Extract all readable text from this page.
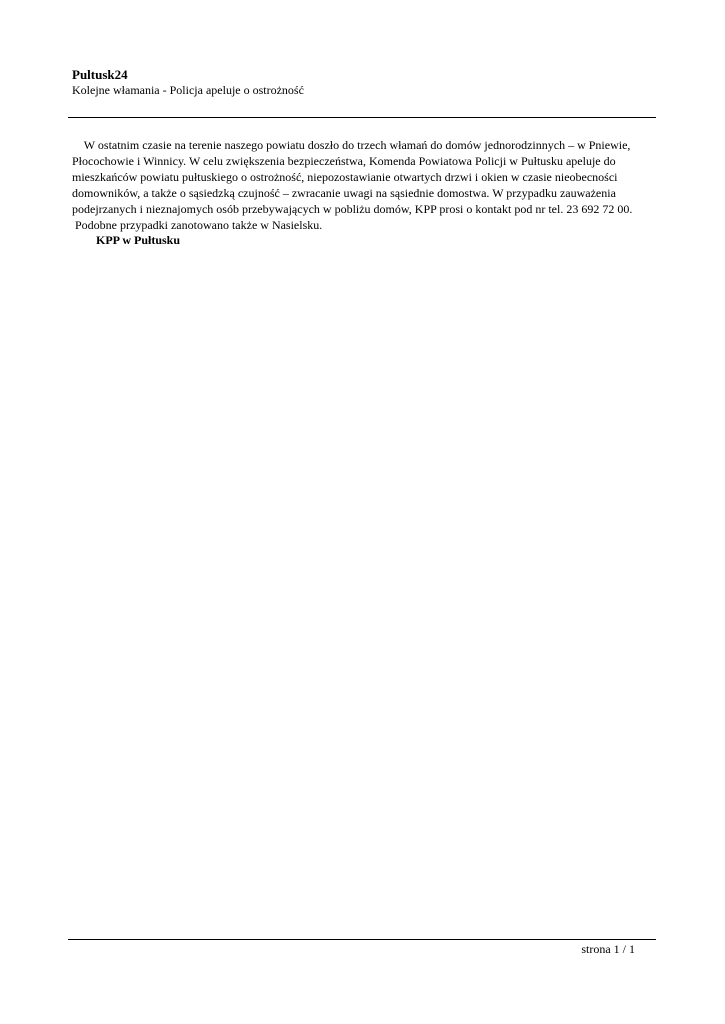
Pultusk24
Kolejne włamania - Policja apeluje o ostrożność
W ostatnim czasie na terenie naszego powiatu doszło do trzech włamań do domów jednorodzinnych – w Pniewie,
Płocochowie i Winnicy. W celu zwiększenia bezpieczeństwa, Komenda Powiatowa Policji w Pułtusku apeluje do
mieszkańców powiatu pułtuskiego o ostrożność, niepozostawianie otwartych drzwi i okien w czasie nieobecności
domowników, a także o sąsiedzką czujność – zwracanie uwagi na sąsiednie domostwa. W przypadku zauważenia
podejrzanych i nieznajomych osób przebywających w pobliżu domów, KPP prosi o kontakt pod nr tel. 23 692 72 00.
Podobne przypadki zanotowano także w Nasielsku.
KPP w Pułtusku
strona 1 / 1
